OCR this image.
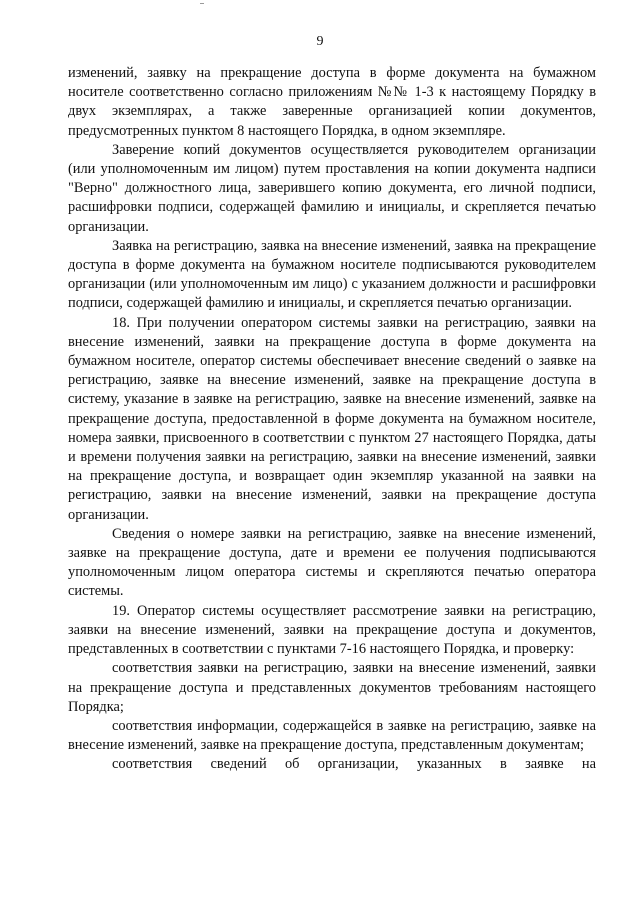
9

изменений, заявку на прекращение доступа в форме документа на бумажном носителе соответственно согласно приложениям №№ 1-3 к настоящему Порядку в двух экземплярах, а также заверенные организацией копии документов, предусмотренных пунктом 8 настоящего Порядка, в одном экземпляре.

Заверение копий документов осуществляется руководителем организации (или уполномоченным им лицом) путем проставления на копии документа надписи "Верно" должностного лица, заверившего копию документа, его личной подписи, расшифровки подписи, содержащей фамилию и инициалы, и скрепляется печатью организации.

Заявка на регистрацию, заявка на внесение изменений, заявка на прекращение доступа в форме документа на бумажном носителе подписываются руководителем организации (или уполномоченным им лицо) с указанием должности и расшифровки подписи, содержащей фамилию и инициалы, и скрепляется печатью организации.

18. При получении оператором системы заявки на регистрацию, заявки на внесение изменений, заявки на прекращение доступа в форме документа на бумажном носителе, оператор системы обеспечивает внесение сведений о заявке на регистрацию, заявке на внесение изменений, заявке на прекращение доступа в систему, указание в заявке на регистрацию, заявке на внесение изменений, заявке на прекращение доступа, предоставленной в форме документа на бумажном носителе, номера заявки, присвоенного в соответствии с пунктом 27 настоящего Порядка, даты и времени получения заявки на регистрацию, заявки на внесение изменений, заявки на прекращение доступа, и возвращает один экземпляр указанной на заявки на регистрацию, заявки на внесение изменений, заявки на прекращение доступа организации.

Сведения о номере заявки на регистрацию, заявке на внесение изменений, заявке на прекращение доступа, дате и времени ее получения подписываются уполномоченным лицом оператора системы и скрепляются печатью оператора системы.

19. Оператор системы осуществляет рассмотрение заявки на регистрацию, заявки на внесение изменений, заявки на прекращение доступа и документов, представленных в соответствии с пунктами 7-16 настоящего Порядка, и проверку:

соответствия заявки на регистрацию, заявки на внесение изменений, заявки на прекращение доступа и представленных документов требованиям настоящего Порядка;

соответствия информации, содержащейся в заявке на регистрацию, заявке на внесение изменений, заявке на прекращение доступа, представленным документам;

соответствия сведений об организации, указанных в заявке на
